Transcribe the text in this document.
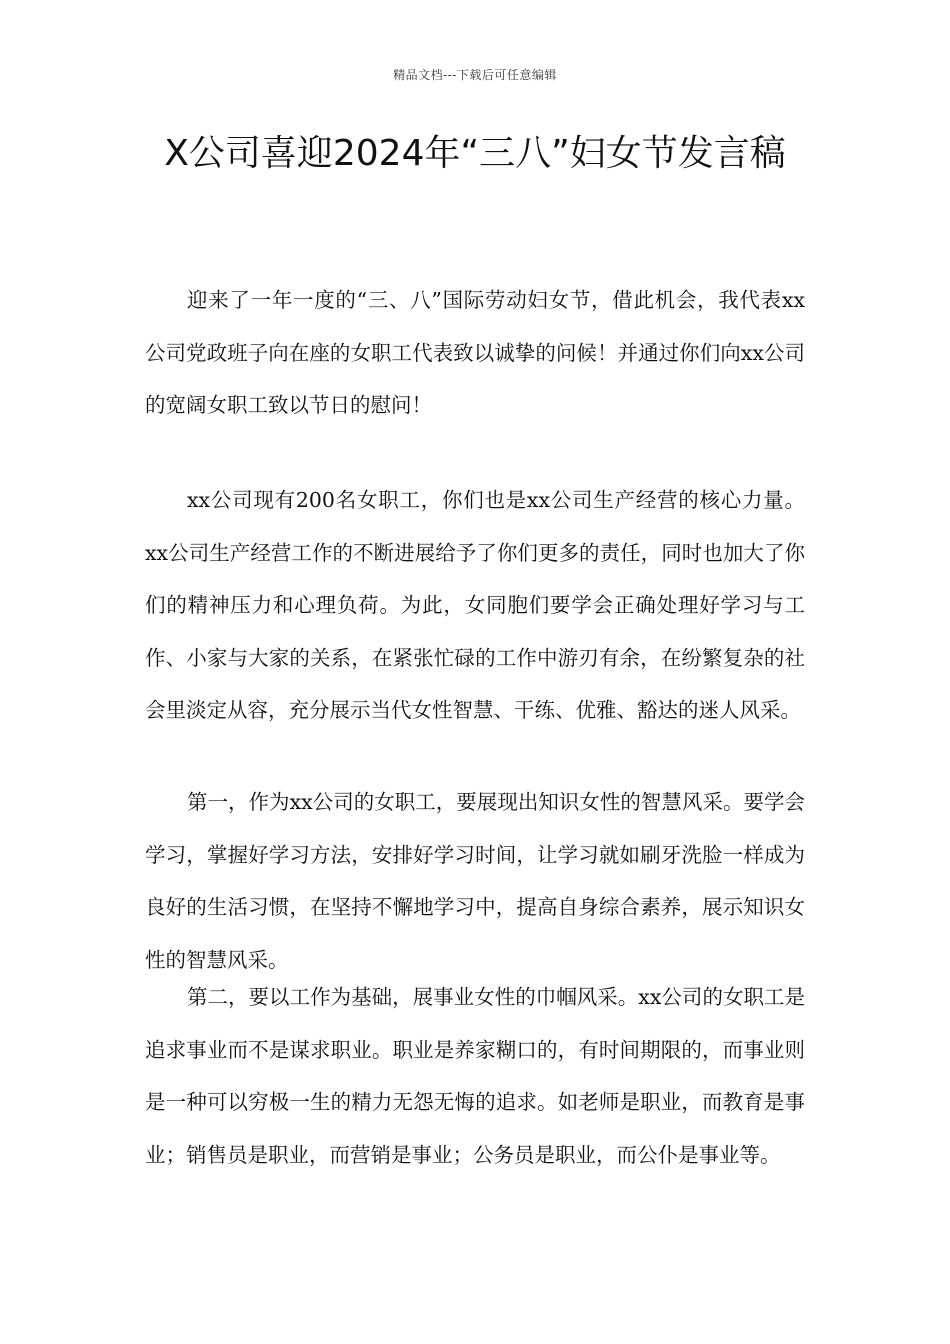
精品文档---下载后可任意编辑
X公司喜迎2024年“三八”妇女节发言稿

迎来了一年一度的“三、八”国际劳动妇女节，借此机会，我代表xx公司党政班子向在座的女职工代表致以诚挚的问候！并通过你们向xx公司的宽阔女职工致以节日的慰问！

xx公司现有200名女职工，你们也是xx公司生产经营的核心力量。xx公司生产经营工作的不断进展给予了你们更多的责任，同时也加大了你们的精神压力和心理负荷。为此，女同胞们要学会正确处理好学习与工作、小家与大家的关系，在紧张忙碌的工作中游刃有余，在纷繁复杂的社会里淡定从容，充分展示当代女性智慧、干练、优雅、豁达的迷人风采。

第一，作为xx公司的女职工，要展现出知识女性的智慧风采。要学会学习，掌握好学习方法，安排好学习时间，让学习就如刷牙洗脸一样成为良好的生活习惯，在坚持不懈地学习中，提高自身综合素养，展示知识女性的智慧风采。

第二，要以工作为基础，展事业女性的巾帼风采。xx公司的女职工是追求事业而不是谋求职业。职业是养家糊口的，有时间期限的，而事业则是一种可以穷极一生的精力无怨无悔的追求。如老师是职业，而教育是事业；销售员是职业，而营销是事业；公务员是职业，而公仆是事业等。
